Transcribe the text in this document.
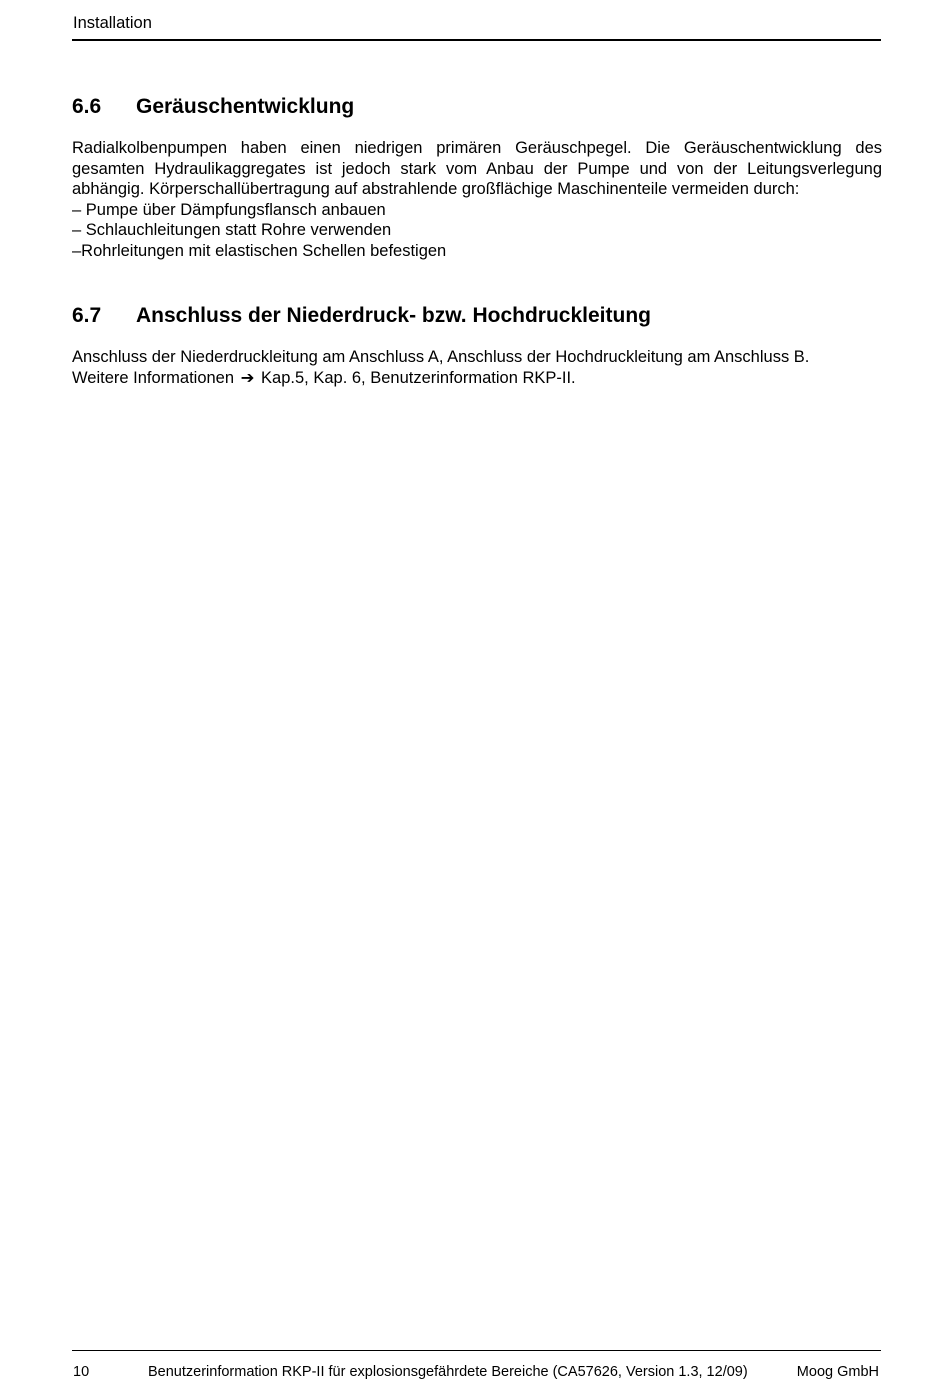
Installation
6.6	Geräuschentwicklung

Radialkolbenpumpen haben einen niedrigen primären Geräuschpegel. Die Geräuschentwicklung des gesamten Hydraulikaggregates ist jedoch stark vom Anbau der Pumpe und von der Leitungsverlegung abhängig. Körperschallübertragung auf abstrahlende großflächige Maschinenteile vermeiden durch:

– Pumpe über Dämpfungsflansch anbauen
– Schlauchleitungen statt Rohre verwenden
–Rohrleitungen mit elastischen Schellen befestigen
6.7	Anschluss der Niederdruck- bzw. Hochdruckleitung

Anschluss der Niederdruckleitung am Anschluss A, Anschluss der Hochdruckleitung am Anschluss B.

Weitere Informationen ➔ Kap.5, Kap. 6, Benutzerinformation RKP-II.

10	Benutzerinformation RKP-II für explosionsgefährdete Bereiche (CA57626, Version 1.3, 12/09)	Moog GmbH
